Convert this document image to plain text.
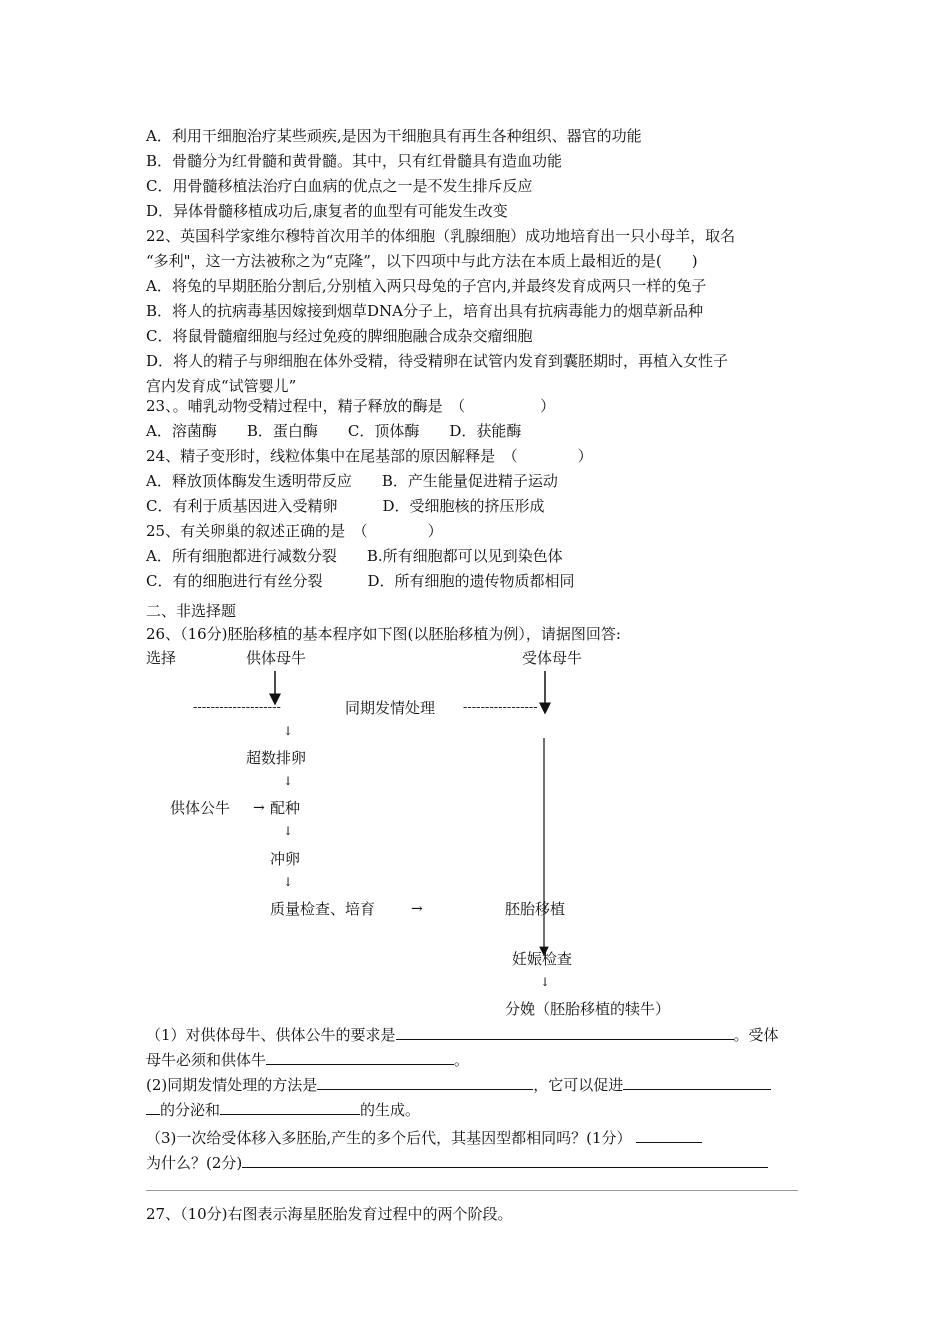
A．利用干细胞治疗某些顽疾,是因为干细胞具有再生各种组织、器官的功能
B．骨髓分为红骨髓和黄骨髓。其中，只有红骨髓具有造血功能
C．用骨髓移植法治疗白血病的优点之一是不发生排斥反应
D．异体骨髓移植成功后,康复者的血型有可能发生改变
22、英国科学家维尔穆特首次用羊的体细胞（乳腺细胞）成功地培育出一只小母羊，取名
“多利"，这一方法被称之为“克隆”，以下四项中与此方法在本质上最相近的是(　　)
A．将兔的早期胚胎分割后,分别植入两只母兔的子宫内,并最终发育成两只一样的兔子
B．将人的抗病毒基因嫁接到烟草DNA分子上，培育出具有抗病毒能力的烟草新品种
C．将鼠骨髓瘤细胞与经过免疫的脾细胞融合成杂交瘤细胞
D．将人的精子与卵细胞在体外受精，待受精卵在试管内发育到囊胚期时，再植入女性子
宫内发育成“试管婴儿”
23、。哺乳动物受精过程中，精子释放的酶是　（　　　　　）
A．溶菌酶　　B．蛋白酶　　C．顶体酶　　D．获能酶
24、精子变形时，线粒体集中在尾基部的原因解释是　（　　　　）
A．释放顶体酶发生透明带反应　　B．产生能量促进精子运动
C．有利于质基因进入受精卵　　　D．受细胞核的挤压形成
25、有关卵巢的叙述正确的是　（　　　　）
A．所有细胞都进行减数分裂　　B.所有细胞都可以见到染色体
C．有的细胞进行有丝分裂　　　D．所有细胞的遗传物质都相同
二、非选择题
26、（16分)胚胎移植的基本程序如下图(以胚胎移植为例），请据图回答:
选择	供体母牛	受体母牛
--------------------	同期发情处理 -----------------
↓
超数排卵
↓
供体公牛 → 配种
↓
冲卵
↓
质量检查、培育	→	胚胎移植
妊娠检查
↓
分娩（胚胎移植的犊牛）
（1）对供体母牛、供体公牛的要求是	。受体
母牛必须和供体牛	。
(2)同期发情处理的方法是	，它可以促进
的分泌和	的生成。
（3)一次给受体移入多胚胎,产生的多个后代，其基因型都相同吗？(1分）
为什么？(2分)
27、（10分)右图表示海星胚胎发育过程中的两个阶段。
